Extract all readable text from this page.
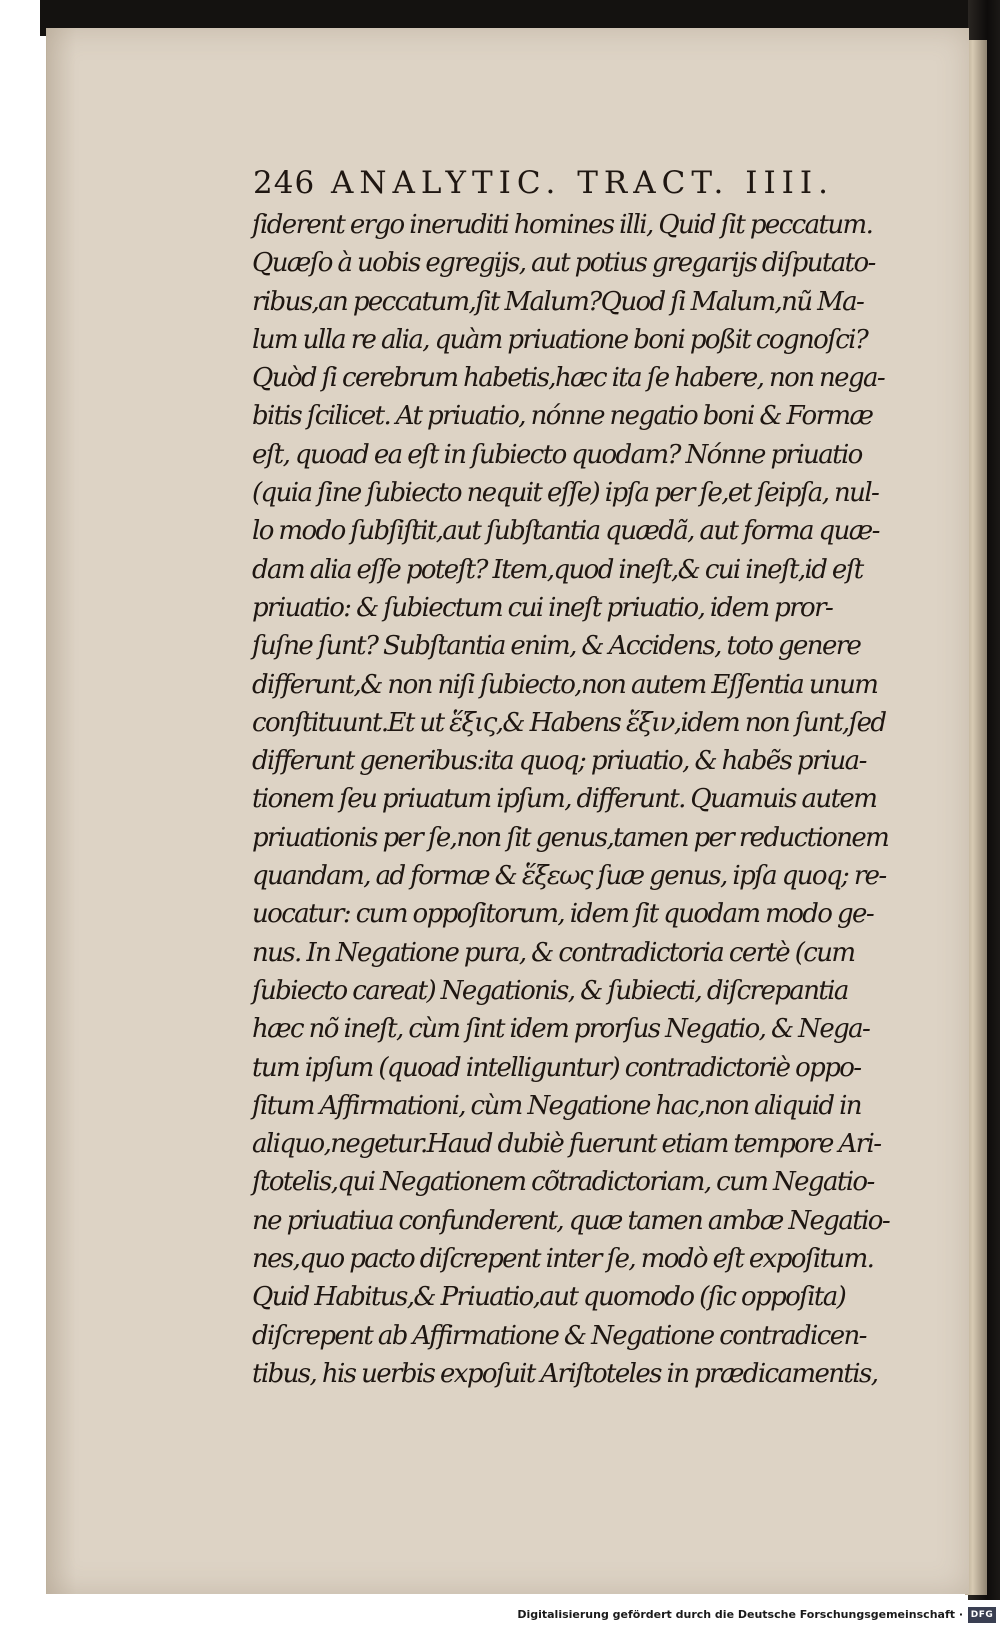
246 ANALYTIC. TRACT. IIII.
ſiderent ergo ineruditi homines illi, Quid ſit peccatum.
Quæſo à uobis egregijs, aut potius gregarijs diſputato-
ribus,an peccatum,ſit Malum?Quod ſi Malum,nũ Ma-
lum ulla re alia, quàm priuatione boni poßit cognoſci?
Quòd ſi cerebrum habetis,hæc ita ſe habere, non nega-
bitis ſcilicet. At priuatio, nónne negatio boni & Formæ
eſt, quoad ea eſt in ſubiecto quodam? Nónne priuatio
(quia ſine ſubiecto nequit eſſe) ipſa per ſe,et ſeipſa, nul-
lo modo ſubſiſtit,aut ſubſtantia quædã, aut forma quæ-
dam alia eſſe poteſt? Item,quod ineſt,& cui ineſt,id eſt
priuatio: & ſubiectum cui ineſt priuatio, idem pror-
ſuſne ſunt? Subſtantia enim, & Accidens, toto genere
differunt,& non niſi ſubiecto,non autem Eſſentia unum
conſtituunt.Et ut ἕξις,& Habens ἕξιν,idem non ſunt,ſed
differunt generibus:ita quoq; priuatio, & habẽs priua-
tionem ſeu priuatum ipſum, differunt. Quamuis autem
priuationis per ſe,non ſit genus,tamen per reductionem
quandam, ad formæ & ἕξεως ſuæ genus, ipſa quoq; re-
uocatur: cum oppoſitorum, idem ſit quodam modo ge-
nus. In Negatione pura, & contradictoria certè (cum
ſubiecto careat) Negationis, & ſubiecti, diſcrepantia
hæc nõ ineſt, cùm ſint idem prorſus Negatio, & Nega-
tum ipſum (quoad intelliguntur) contradictoriè oppo-
ſitum Affirmationi, cùm Negatione hac,non aliquid in
aliquo,negetur.Haud dubiè fuerunt etiam tempore Ari-
ſtotelis,qui Negationem cõtradictoriam, cum Negatio-
ne priuatiua confunderent, quæ tamen ambæ Negatio-
nes,quo pacto diſcrepent inter ſe, modò eſt expoſitum.
Quid Habitus,& Priuatio,aut quomodo (ſic oppoſita)
diſcrepent ab Affirmatione & Negatione contradicen-
tibus, his uerbis expoſuit Ariſtoteles in prædicamentis,
Digitalisierung gefördert durch die Deutsche Forschungsgemeinschaft · DFG
